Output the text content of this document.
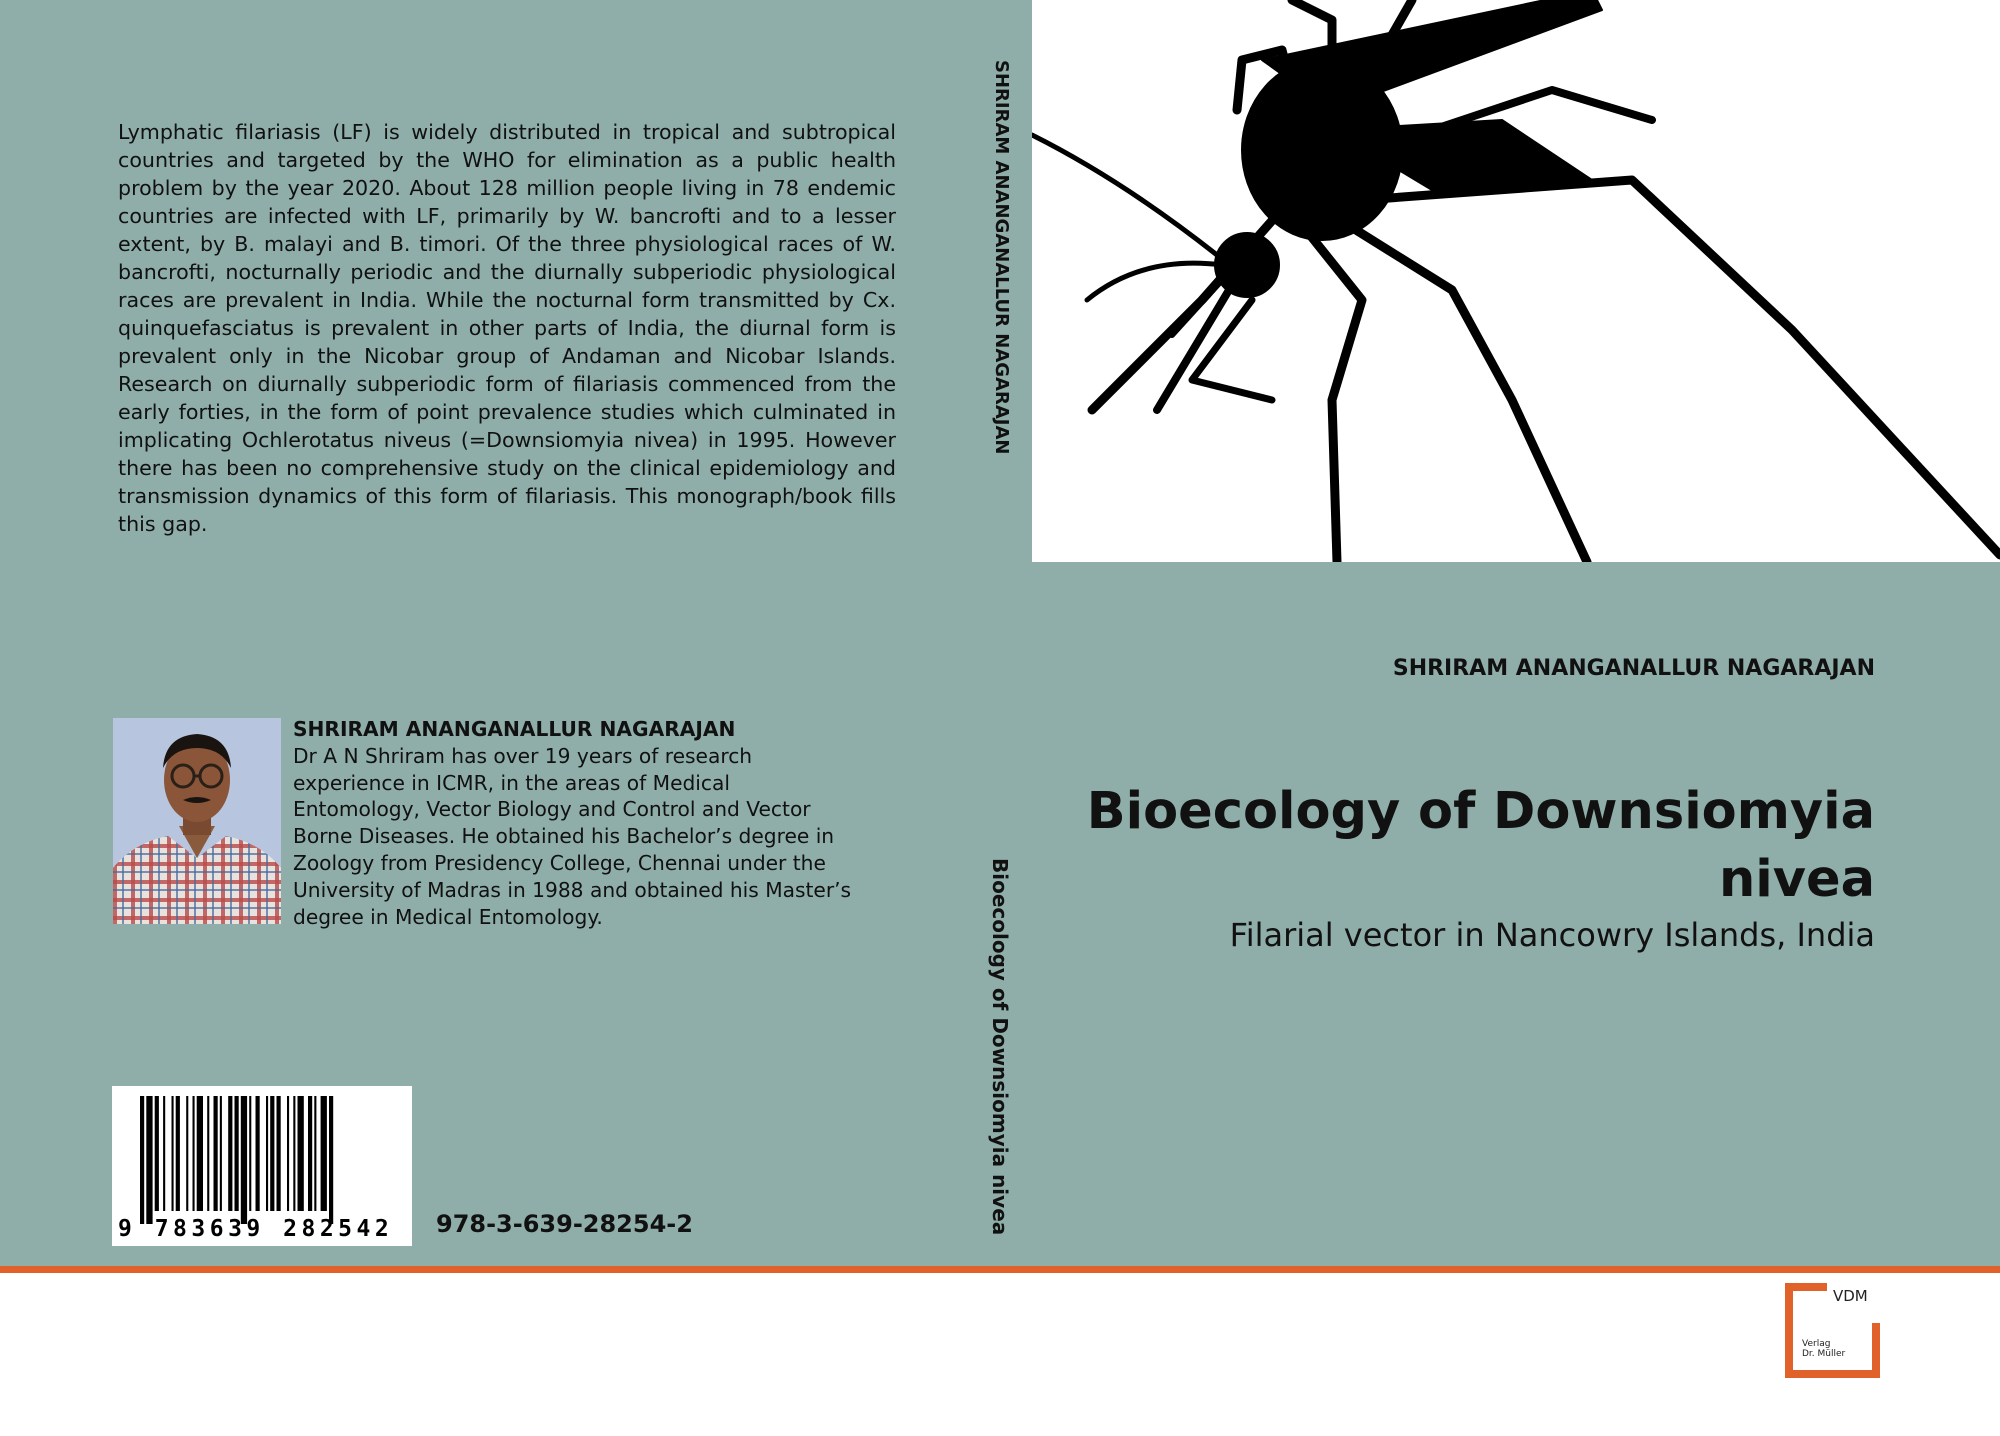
Lymphatic filariasis (LF) is widely distributed in tropical and subtropical countries and targeted by the WHO for elimination as a public health problem by the year 2020. About 128 million people living in 78 endemic countries are infected with LF, primarily by W. bancrofti and to a lesser extent, by B. malayi and B. timori. Of the three physiological races of W. bancrofti, nocturnally periodic and the diurnally subperiodic physiological races are prevalent in India. While the nocturnal form transmitted by Cx. quinquefasciatus is prevalent in other parts of India, the diurnal form is prevalent only in the Nicobar group of Andaman and Nicobar Islands. Research on diurnally subperiodic form of filariasis commenced from the early forties, in the form of point prevalence studies which culminated in implicating Ochlerotatus niveus (=Downsiomyia nivea) in 1995. However there has been no comprehensive study on the clinical epidemiology and transmission dynamics of this form of filariasis. This monograph/book fills this gap.

SHRIRAM ANANGANALLUR NAGARAJAN
Dr A N Shriram has over 19 years of research experience in ICMR, in the areas of Medical Entomology, Vector Biology and Control and Vector Borne Diseases. He obtained his Bachelor’s degree in Zoology from Presidency College, Chennai under the University of Madras in 1988 and obtained his Master’s degree in Medical Entomology.
9 783639 282542	978-3-639-28254-2
SHRIRAM ANANGANALLUR NAGARAJAN
Bioecology of Downsiomyia nivea
SHRIRAM ANANGANALLUR NAGARAJAN
Bioecology of Downsiomyia nivea
Filarial vector in Nancowry Islands, India
VDM
Verlag
Dr. Müller
